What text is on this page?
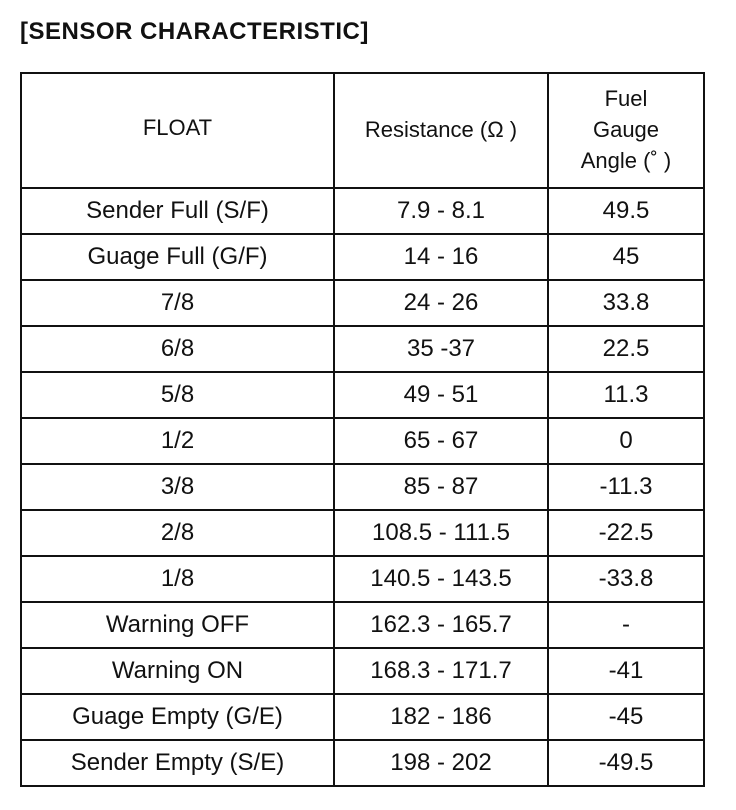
[SENSOR CHARACTERISTIC]
FLOAT	Resistance (Ω )	Fuel
Gauge
Angle (˚ )

Sender Full (S/F)	7.9 - 8.1	49.5
Guage Full (G/F)	14 - 16	45
7/8	24 - 26	33.8
6/8	35 -37	22.5
5/8	49 - 51	11.3
1/2	65 - 67	0
3/8	85 - 87	-11.3
2/8	108.5 - 111.5	-22.5
1/8	140.5 - 143.5	-33.8
Warning OFF	162.3 - 165.7	-
Warning ON	168.3 - 171.7	-41
Guage Empty (G/E)	182 - 186	-45
Sender Empty (S/E)	198 - 202	-49.5
